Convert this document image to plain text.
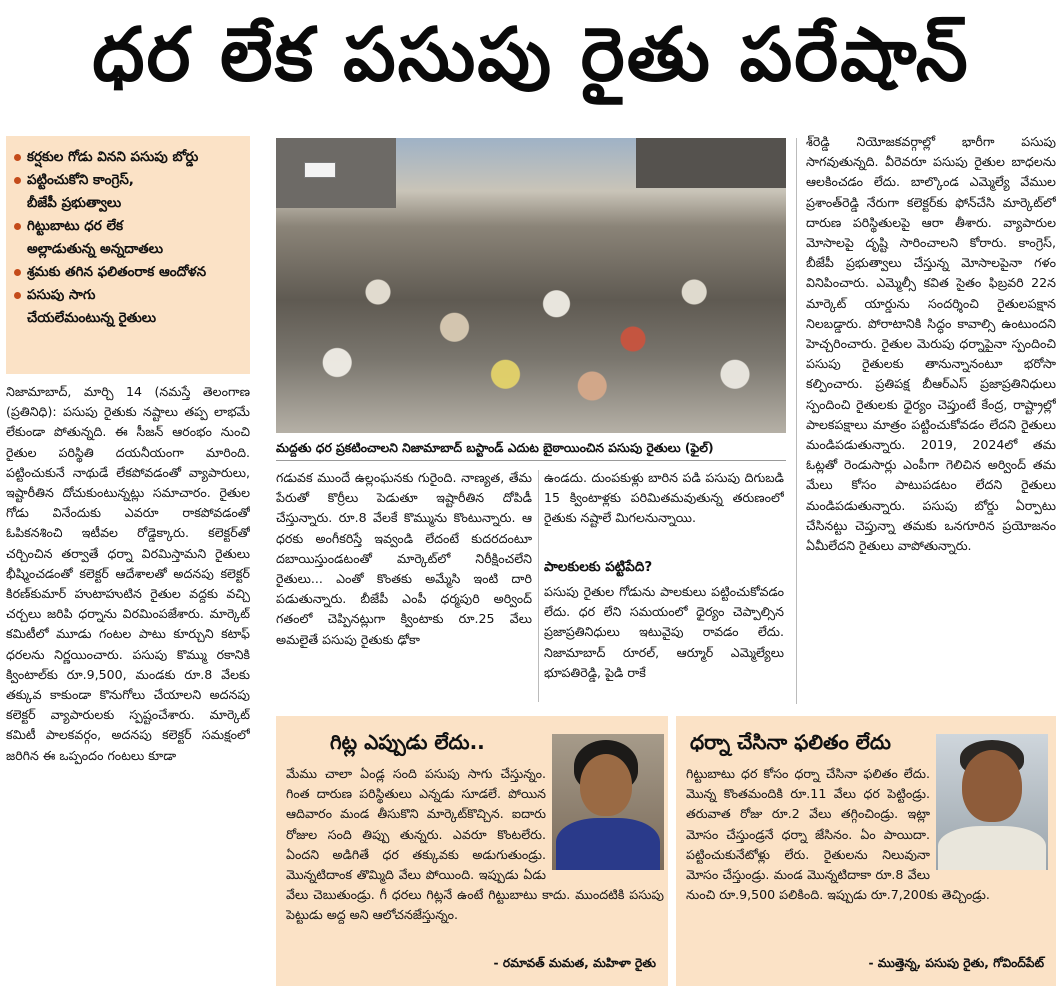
ధర లేక పసుపు రైతు పరేషాన్
కర్షకుల గోడు వినని పసుపు బోర్డు
పట్టించుకోని కాంగ్రెస్,
బీజేపీ ప్రభుత్వాలు
గిట్టుబాటు ధర లేక
అల్లాడుతున్న అన్నదాతలు
శ్రమకు తగిన ఫలితంరాక ఆందోళన
పసుపు సాగు
చేయలేమంటున్న రైతులు
నిజామాబాద్, మార్చి 14 (నమస్తే తెలంగాణ (ప్రతినిధి): పసుపు రైతుకు నష్టాలు తప్ప లాభమే లేకుండా పోతున్నది. ఈ సీజన్ ఆరంభం నుంచి రైతుల పరిస్థితి దయనీయంగా మారింది. పట్టించుకునే నాథుడే లేకపోవడంతో వ్యాపారులు, ఇష్టారీతిన దోచుకుంటున్నట్లు సమాచారం. రైతుల గోడు వినేందుకు ఎవరూ రాకపోవడంతో ఓపికనశించి ఇటీవల రోడ్డెక్కారు. కలెక్టర్‌తో చర్చించిన తర్వాతే ధర్నా విరమిస్తామని రైతులు భీష్మించడంతో కలెక్టర్ ఆదేశాలతో అదనపు కలెక్టర్ కిరణ్‌కుమార్ హుటాహుటిన రైతుల వద్దకు వచ్చి చర్చలు జరిపి ధర్నాను విరమింపజేశారు. మార్కెట్ కమిటీలో మూడు గంటల పాటు కూర్చుని కటాఫ్ ధరలను నిర్ణయించారు. పసుపు కొమ్ము రకానికి క్వింటాల్‌కు రూ.9,500, మండకు రూ.8 వేలకు తక్కువ కాకుండా కొనుగోలు చేయాలని అదనపు కలెక్టర్ వ్యాపారులకు స్పష్టంచేశారు. మార్కెట్ కమిటీ పాలకవర్గం, అదనపు కలెక్టర్ సమక్షంలో జరిగిన ఈ ఒప్పందం గంటలు కూడా
మద్దతు ధర ప్రకటించాలని నిజామాబాద్ బస్టాండ్ ఎదుట బైఠాయించిన పసుపు రైతులు (ఫైల్)
గడువక ముందే ఉల్లంఘనకు గురైంది. నాణ్యత, తేమ పేరుతో కొర్రీలు పెడుతూ ఇష్టారీతిన దోపిడీ చేస్తున్నారు. రూ.8 వేలకే కొమ్మును కొంటున్నారు. ఆ ధరకు అంగీకరిస్తే ఇవ్వండి లేదంటే కుదరదంటూ దబాయిస్తుండటంతో మార్కెట్‌లో నిరీక్షించలేని రైతులు... ఎంతో కొంతకు అమ్మేసి ఇంటి దారి పడుతున్నారు. బీజేపీ ఎంపీ ధర్మపురి అర్వింద్ గతంలో చెప్పినట్లుగా క్వింటాకు రూ.25 వేలు అమలైతే పసుపు రైతుకు ఢోకా
ఉండదు. దుంపకుళ్లు బారిన పడి పసుపు దిగుబడి 15 క్వింటాళ్లకు పరిమితమవుతున్న తరుణంలో రైతుకు నష్టాలే మిగలనున్నాయి.
పాలకులకు పట్టిపేది?
పసుపు రైతుల గోడును పాలకులు పట్టించుకోవడం లేదు. ధర లేని సమయంలో ధైర్యం చెప్పాల్సిన ప్రజాప్రతినిధులు ఇటువైపు రావడం లేదు. నిజామాబాద్ రూరల్, ఆర్మూర్ ఎమ్మెల్యేలు భూపతిరెడ్డి, పైడి రాకే
శ్‌రెడ్డి నియోజకవర్గాల్లో భారీగా పసుపు సాగవుతున్నది. వీరెవరూ పసుపు రైతుల బాధలను ఆలకించడం లేదు. బాల్కొండ ఎమ్మెల్యే వేముల ప్రశాంత్‌రెడ్డి నేరుగా కలెక్టర్‌కు ఫోన్‌చేసి మార్కెట్‌లో దారుణ పరిస్థితులపై ఆరా తీశారు. వ్యాపారుల మోసాలపై దృష్టి సారించాలని కోరారు. కాంగ్రెస్, బీజేపీ ప్రభుత్వాలు చేస్తున్న మోసాలపైనా గళం వినిపించారు. ఎమ్మెల్సీ కవిత సైతం ఫిబ్రవరి 22న మార్కెట్ యార్డును సందర్శించి రైతులపక్షాన నిలబడ్డారు. పోరాటానికి సిద్ధం కావాల్సి ఉంటుందని హెచ్చరించారు. రైతుల మెరుపు ధర్నాపైనా స్పందించి పసుపు రైతులకు తానున్నానంటూ భరోసా కల్పించారు. ప్రతిపక్ష బీఆర్ఎస్ ప్రజాప్రతినిధులు స్పందించి రైతులకు ధైర్యం చెప్తుంటే కేంద్ర, రాష్ట్రాల్లో పాలకపక్షాలు మాత్రం పట్టించుకోవడం లేదని రైతులు మండిపడుతున్నారు. 2019, 2024లో తమ ఓట్లతో రెండుసార్లు ఎంపీగా గెలిచిన అర్వింద్ తమ మేలు కోసం పాటుపడటం లేదని రైతులు మండిపడుతున్నారు. పసుపు బోర్డు ఏర్పాటు చేసినట్టు చెప్తున్నా తమకు ఒనగూరిన ప్రయోజనం ఏమీలేదని రైతులు వాపోతున్నారు.
గిట్ల ఎప్పుడు లేదు..
మేము చాలా ఏండ్ల సంది పసుపు సాగు చేస్తున్నం. గింత దారుణ పరిస్థితులు ఎన్నడు సూడలే. పోయిన ఆదివారం మండ తీసుకొని మార్కెట్‌కొచ్చిన. ఐదారు రోజుల సంది తిప్పు తున్నరు. ఎవరూ కొంటలేరు. ఏందని అడిగితే ధర తక్కువకు అడుగుతుండ్రు. మొన్నటిదాంక తొమ్మిది వేలు పోయింది. ఇప్పుడు ఏడు వేలు చెబుతుండ్రు. గీ ధరలు గిట్లనే ఉంటే గిట్టుబాటు కాదు. ముందటికి పసుపు పెట్టుడు అద్ద అని ఆలోచనజేస్తున్నం.
- రమావత్ మమత, మహిళా రైతు
ధర్నా చేసినా ఫలితం లేదు
గిట్టుబాటు ధర కోసం ధర్నా చేసినా ఫలితం లేదు. మొన్న కొంతమందికి రూ.11 వేలు ధర పెట్టిండ్రు. తరువాత రోజు రూ.2 వేలు తగ్గించిండ్రు. ఇట్లా మోసం చేస్తుండ్రనే ధర్నా జేసినం. ఏం పాయిదా. పట్టించుకునేటోళ్లు లేరు. రైతులను నిలువునా మోసం చేస్తుండ్రు. మండ మొన్నటిదాకా రూ.8 వేలు నుంచి రూ.9,500 పలికింది. ఇప్పుడు రూ.7,200కు తెచ్చిండ్రు.
- ముత్తెన్న, పసుపు రైతు, గోవింద్‌పేట్
